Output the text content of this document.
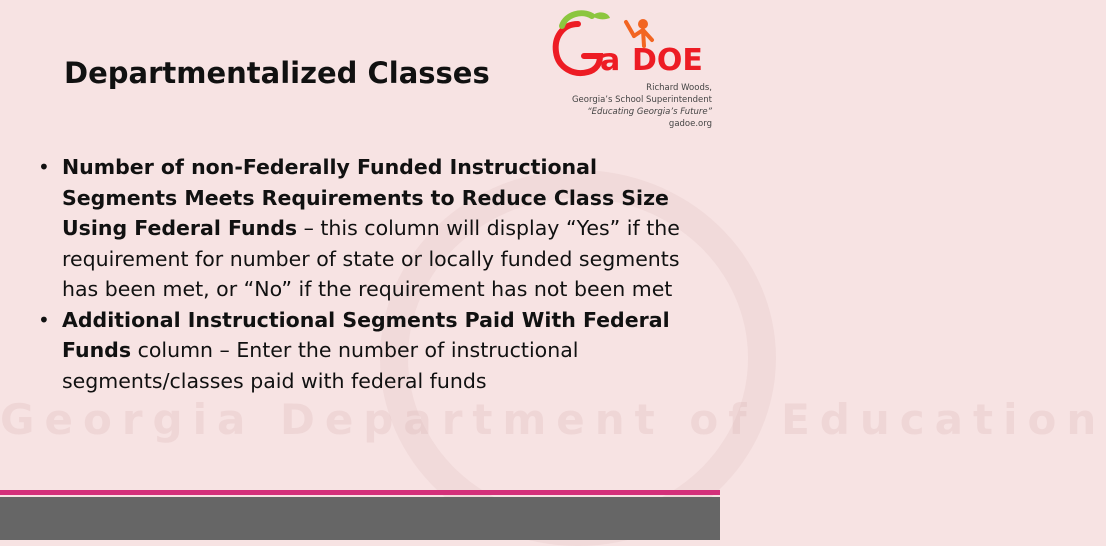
Georgia Department of Education
Departmentalized Classes	a DOE
Richard Woods,
Georgia’s School Superintendent
“Educating Georgia’s Future”
gadoe.org

• Number of non-Federally Funded Instructional Segments Meets Requirements to Reduce Class Size Using Federal Funds – this column will display “Yes” if the requirement for number of state or locally funded segments has been met, or “No” if the requirement has not been met

• Additional Instructional Segments Paid With Federal Funds column – Enter the number of instructional segments/classes paid with federal funds
